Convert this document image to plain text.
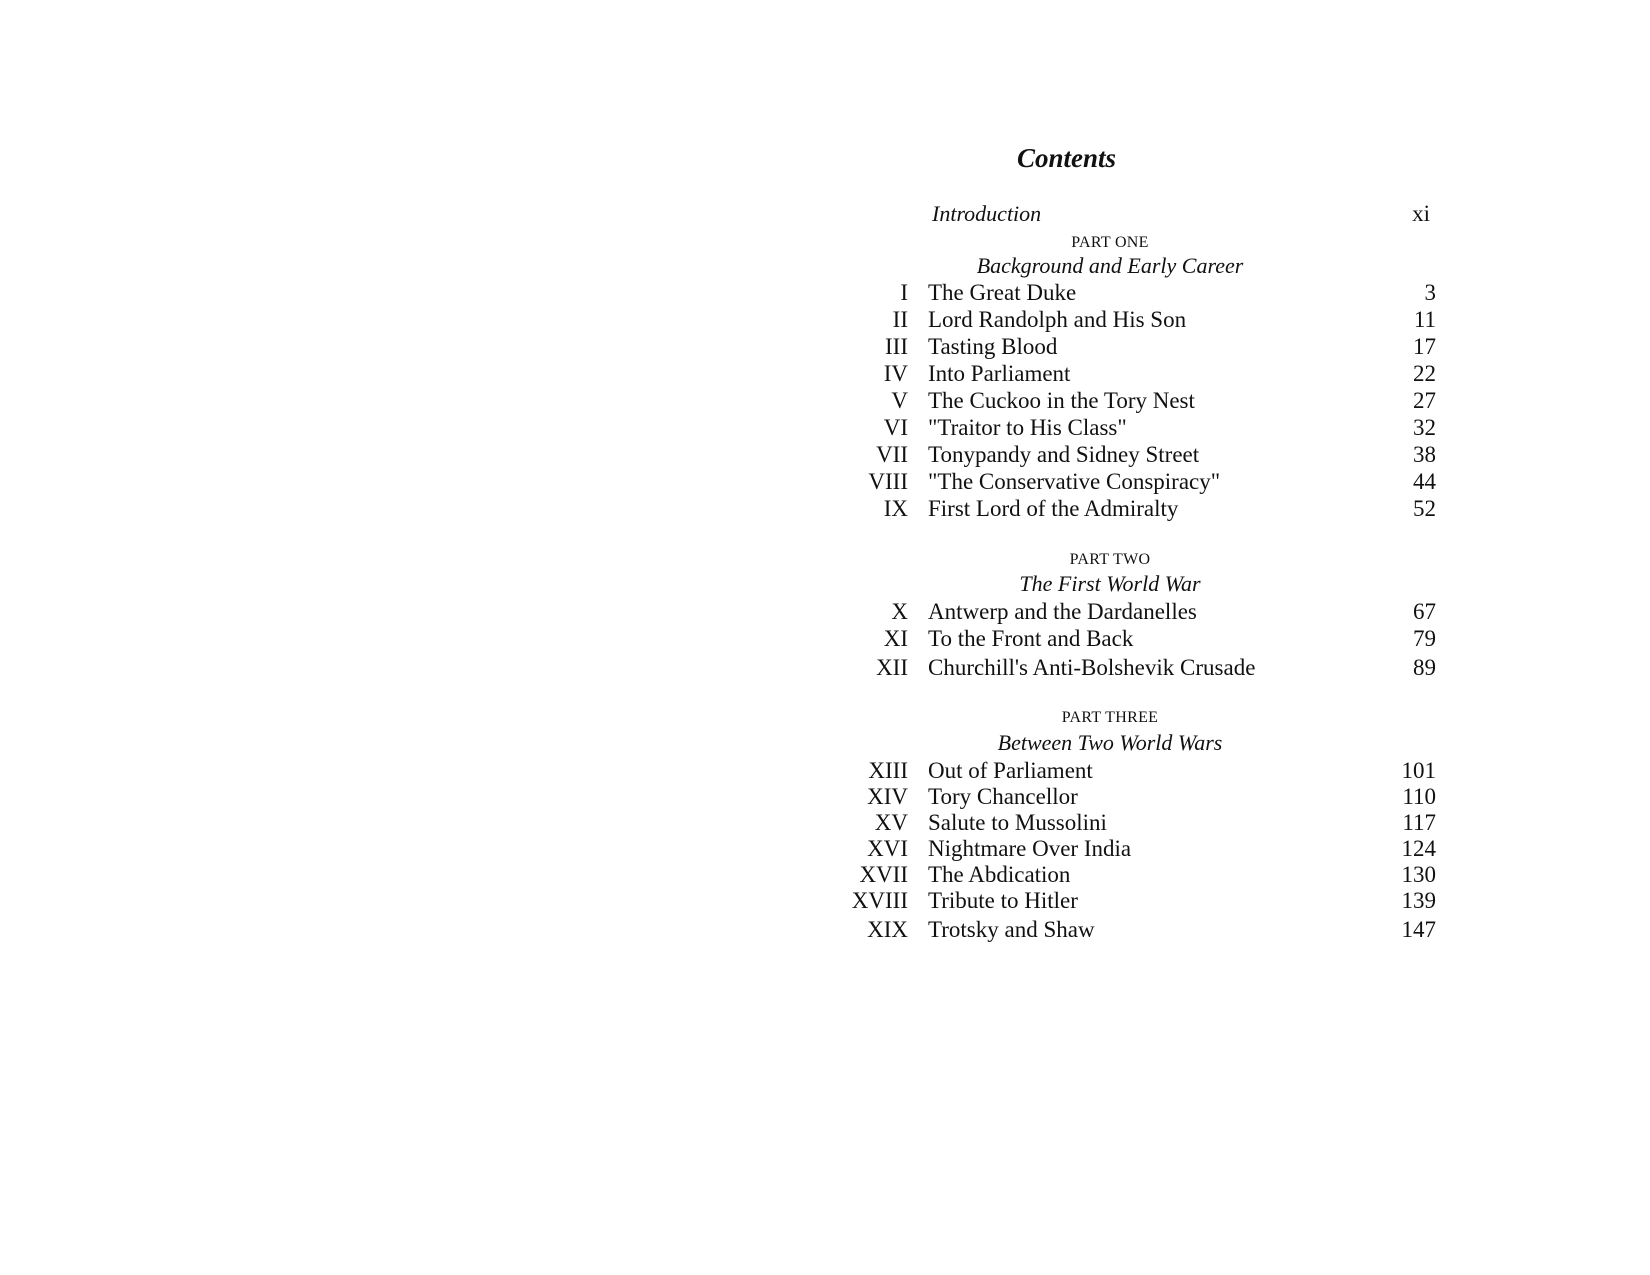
Contents
Introduction	xi
PART ONE
Background and Early Career
I The Great Duke	3
II Lord Randolph and His Son	11
III Tasting Blood	17
IV Into Parliament	22
V The Cuckoo in the Tory Nest	27
VI "Traitor to His Class"	32
VII Tonypandy and Sidney Street	38
VIII "The Conservative Conspiracy"	44
IX First Lord of the Admiralty	52
PART TWO
The First World War
X Antwerp and the Dardanelles	67
XI To the Front and Back	79
XII Churchill's Anti-Bolshevik Crusade	89
PART THREE
Between Two World Wars
XIII Out of Parliament	101
XIV Tory Chancellor	110
XV Salute to Mussolini	117
XVI Nightmare Over India	124
XVII The Abdication	130
XVIII Tribute to Hitler	139
XIX Trotsky and Shaw	147
